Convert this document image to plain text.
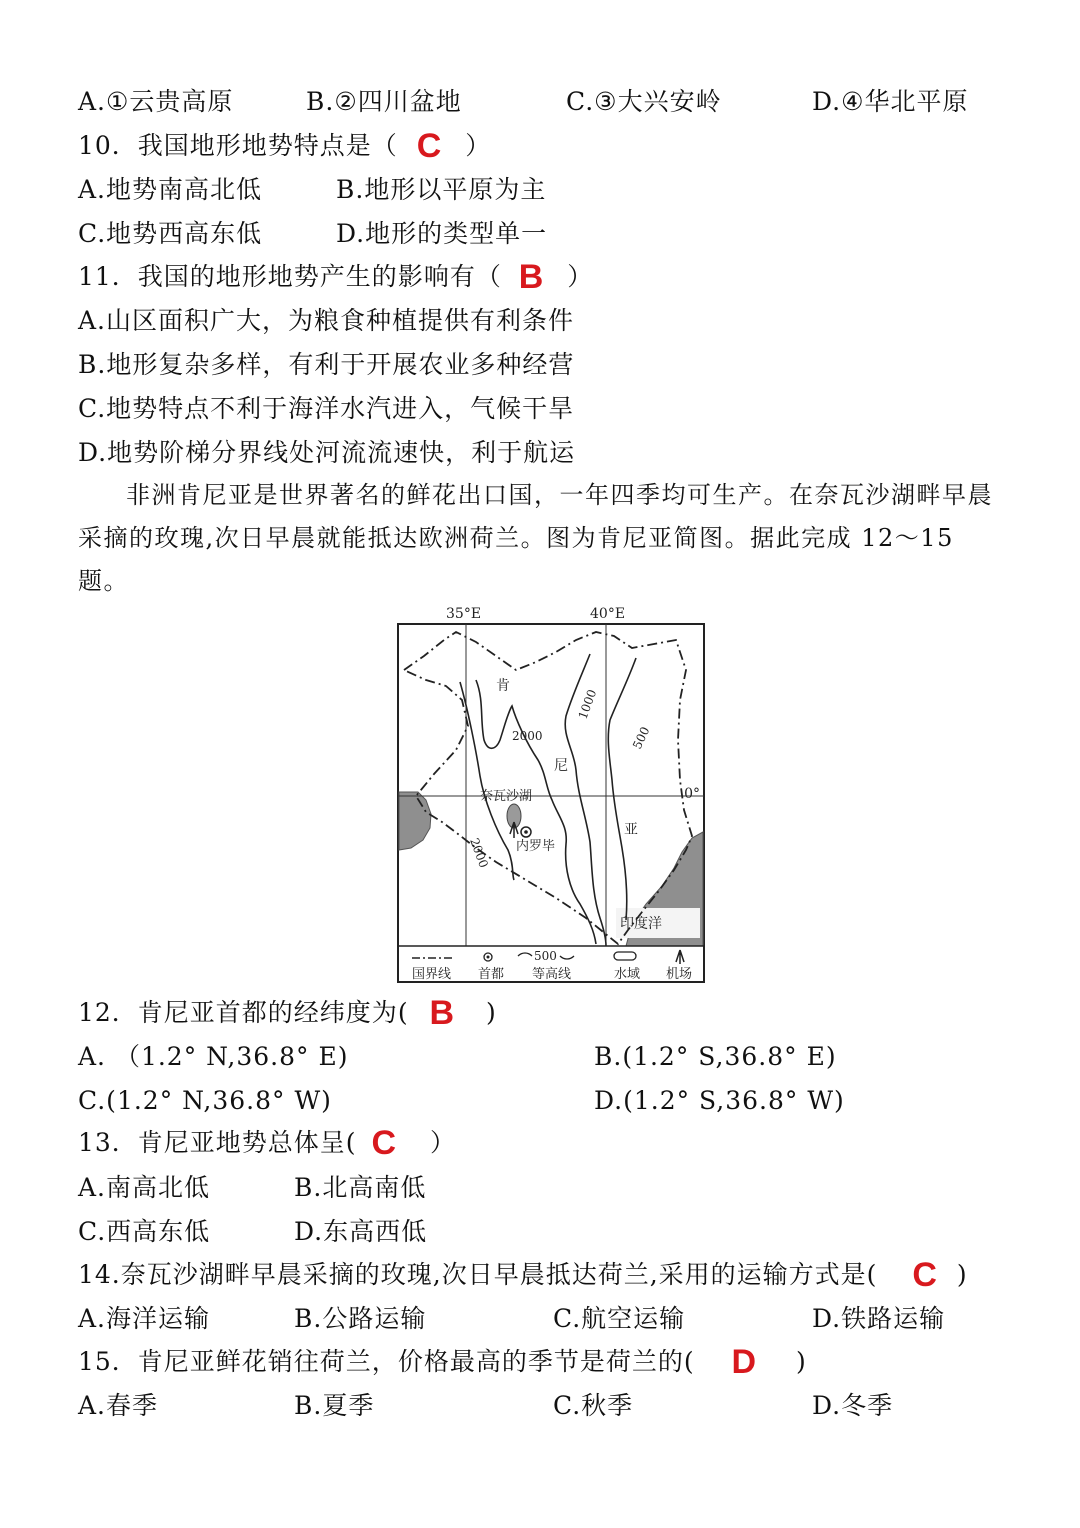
A.①云贵高原	B.②四川盆地	C.③大兴安岭	D.④华北平原
10．我国地形地势特点是（ C ）
A.地势南高北低	B.地形以平原为主
C.地势西高东低	D.地形的类型单一
11．我国的地形地势产生的影响有（ B ）
A.山区面积广大，为粮食种植提供有利条件
B.地形复杂多样，有利于开展农业多种经营
C.地势特点不利于海洋水汽进入，气候干旱
D.地势阶梯分界线处河流流速快，利于航运
非洲肯尼亚是世界著名的鲜花出口国，一年四季均可生产。在奈瓦沙湖畔早晨采摘的玫瑰,次日早晨就能抵达欧洲荷兰。图为肯尼亚简图。据此完成 12～15 题。
35°E	40°E
0°
肯
尼
亚
2000
1000
500
2000
奈瓦沙湖
内罗毕
印度洋
国界线 首都
500
等高线	水域 机场
12．肯尼亚首都的经纬度为( B )
A. （1.2° N,36.8° E)	B.(1.2° S,36.8° E)
C.(1.2° N,36.8° W)	D.(1.2° S,36.8° W)
13．肯尼亚地势总体呈( C ）
A.南高北低	B.北高南低
C.西高东低	D.东高西低
14.奈瓦沙湖畔早晨采摘的玫瑰,次日早晨抵达荷兰,采用的运输方式是( C )
A.海洋运输	B.公路运输	C.航空运输	D.铁路运输
15．肯尼亚鲜花销往荷兰，价格最高的季节是荷兰的( D )
A.春季	B.夏季	C.秋季	D.冬季
